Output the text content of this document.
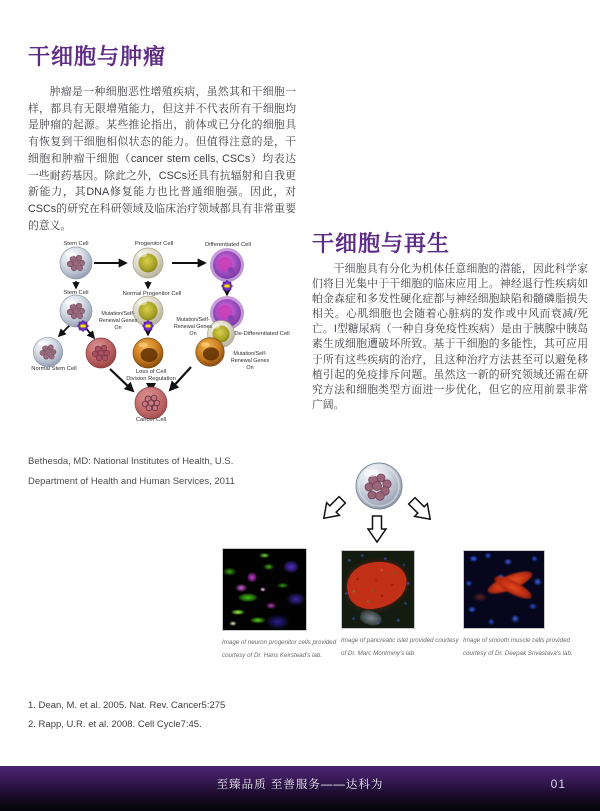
干细胞与肿瘤

肿瘤是一种细胞恶性增殖疾病，虽然其和干细胞一样，都具有无限增殖能力，但这并不代表所有干细胞均是肿瘤的起源。某些推论指出，前体或已分化的细胞具有恢复到干细胞相似状态的能力。但值得注意的是，干细胞和肿瘤干细胞（cancer stem cells, CSCs）均表达一些耐药基因。除此之外，CSCs还具有抗辐射和自我更新能力，其DNA修复能力也比普通细胞强。因此，对CSCs的研究在科研领域及临床治疗领域都具有非常重要的意义。

Stem Cell	Progenitor Cell	Differentiated Cell
Stem Cell	Normal Progenitor Cell
Mutation/Self-
Renewal Genes
On
Mutation/Self-
Renewal Genes
On	De-Differentiated Cell
Mutation/Self-
Renewal Genes
On
Normal Stem Cell	Loss of Cell
Division Regulation
Cancer Cell
干细胞与再生

干细胞具有分化为机体任意细胞的潜能，因此科学家们将目光集中于干细胞的临床应用上。神经退行性疾病如帕金森症和多发性硬化症都与神经细胞缺陷和髓磷脂损失相关。心肌细胞也会随着心脏病的发作或中风而衰减/死亡。I型糖尿病（一种自身免疫性疾病）是由于胰腺中胰岛素生成细胞遭破坏所致。基于干细胞的多能性，其可应用于所有这些疾病的治疗，且这种治疗方法甚至可以避免移植引起的免疫排斥问题。虽然这一新的研究领域还需在研究方法和细胞类型方面进一步优化，但它的应用前景非常广阔。

Bethesda, MD: National Institutes of Health, U.S.
Department of Health and Human Services, 2011
Image of neuron progenitor cells provided
courtesy of Dr. Hans Keirstead's lab.
Image of pancreatic islet provided courtesy
of Dr. Marc Montminy's lab.
Image of smooth muscle cells provided
courtesy of Dr. Deepak Srivastava's lab.
1. Dean, M. et al. 2005. Nat. Rev. Cancer5:275
2. Rapp, U.R. et al. 2008. Cell Cycle7:45.
至臻品质 至善服务——达科为	01
